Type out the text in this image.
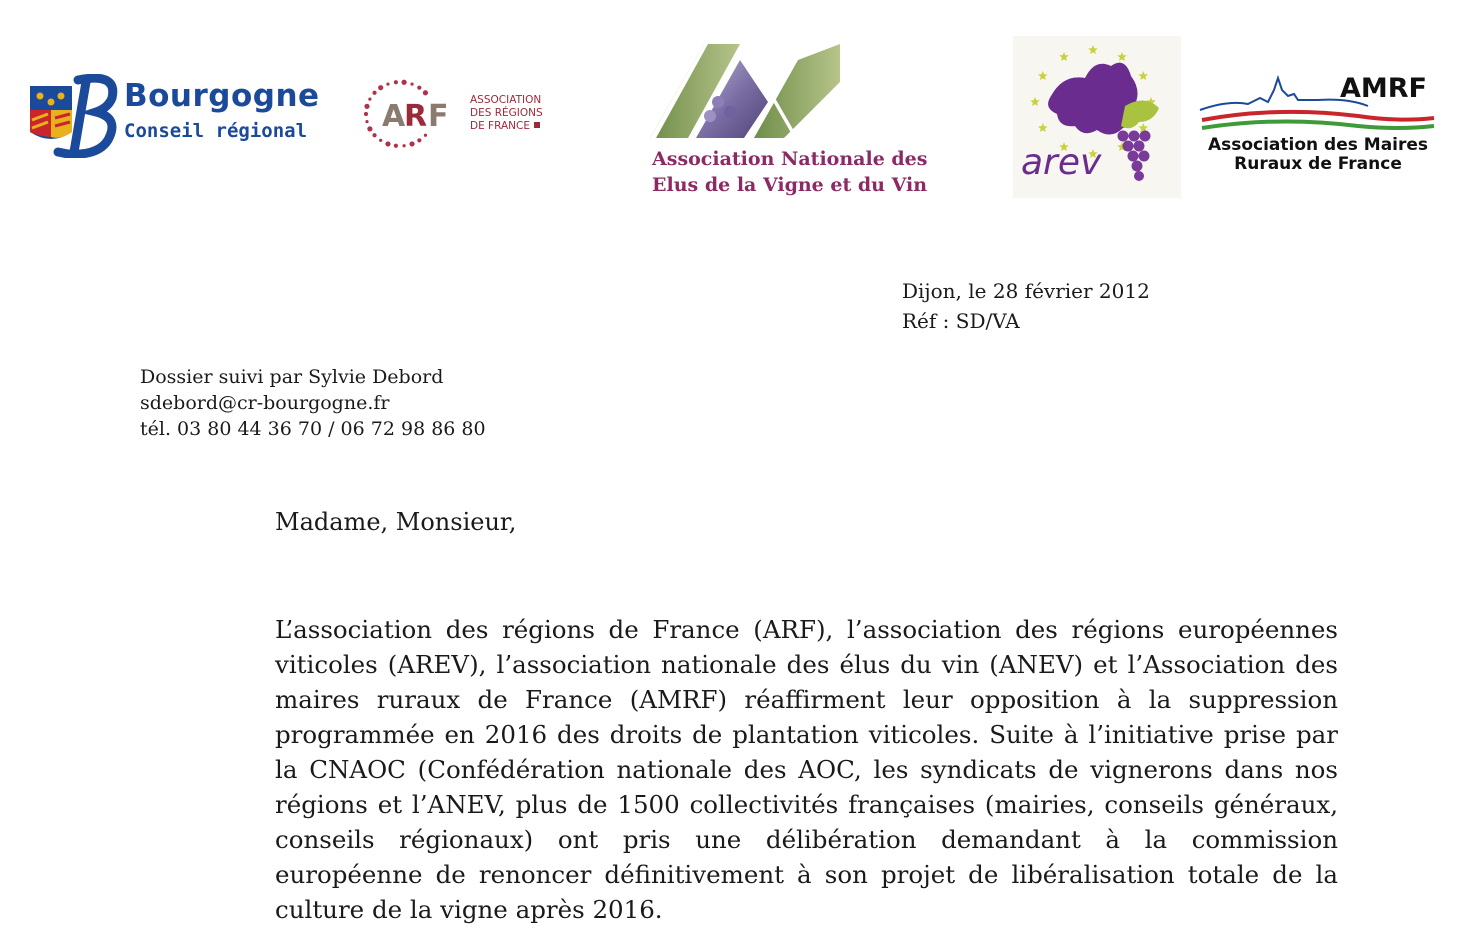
Bourgogne
Conseil régional A
R F ASSOCIATION
DES RÉGIONS
DE FRANCE
Association Nationale des
Elus de la Vigne et du Vin
arev
AMRF
Association des Maires
Ruraux de France
Dijon, le 28 février 2012
Réf : SD/VA
Dossier suivi par Sylvie Debord
sdebord@cr-bourgogne.fr
tél. 03 80 44 36 70 / 06 72 98 86 80
Madame, Monsieur,

L’association des régions de France (ARF), l’association des régions européennes viticoles (AREV), l’association nationale des élus du vin (ANEV) et l’Association des maires ruraux de France (AMRF) réaffirment leur opposition à la suppression programmée en 2016 des droits de plantation viticoles. Suite à l’initiative prise par la CNAOC (Confédération nationale des AOC, les syndicats de vignerons dans nos régions et l’ANEV, plus de 1500 collectivités françaises (mairies, conseils généraux, conseils régionaux) ont pris une délibération demandant à la commission européenne de renoncer définitivement à son projet de libéralisation totale de la culture de la vigne après 2016.
